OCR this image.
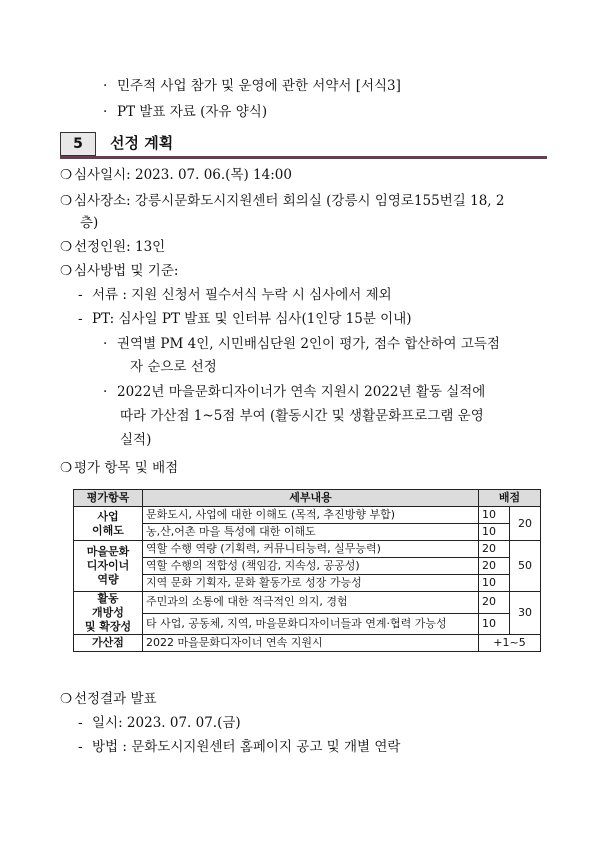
· 민주적 사업 참가 및 운영에 관한 서약서 [서식3]
· PT 발표 자료 (자유 양식)
5	선정 계획
❍ 심사일시: 2023. 07. 06.(목) 14:00
❍ 심사장소: 강릉시문화도시지원센터 회의실 (강릉시 임영로155번길 18, 2
층)
❍ 선정인원: 13인
❍ 심사방법 및 기준:
- 서류 : 지원 신청서 필수서식 누락 시 심사에서 제외
- PT: 심사일 PT 발표 및 인터뷰 심사(1인당 15분 이내)
· 권역별 PM 4인, 시민배심단원 2인이 평가, 점수 합산하여 고득점
자 순으로 선정
· 2022년 마을문화디자이너가 연속 지원시 2022년 활동 실적에
따라 가산점 1~5점 부여 (활동시간 및 생활문화프로그램 운영
실적)
❍ 평가 항목 및 배점
평가항목	세부내용	배점	

사업
이해도	문화도시, 사업에 대한 이해도 (목적, 추진방향 부합)	10	20
	농,산,어촌 마을 특성에 대한 이해도	10	

마을문화
디자이너
역량	역할 수행 역량 (기획력, 커뮤니티능력, 실무능력)	20	50
	역할 수행의 적합성 (책임감, 지속성, 공공성)	20	
	지역 문화 기획자, 문화 활동가로 성장 가능성	10	

활동
개방성
및 확장성	주민과의 소통에 대한 적극적인 의지, 경험	20	30
	타 사업, 공동체, 지역, 마을문화디자이너들과 연계·협력 가능성	10	
가산점	2022 마을문화디자이너 연속 지원시	+1~5	
❍ 선정결과 발표
- 일시: 2023. 07. 07.(금)
- 방법 : 문화도시지원센터 홈페이지 공고 및 개별 연락
